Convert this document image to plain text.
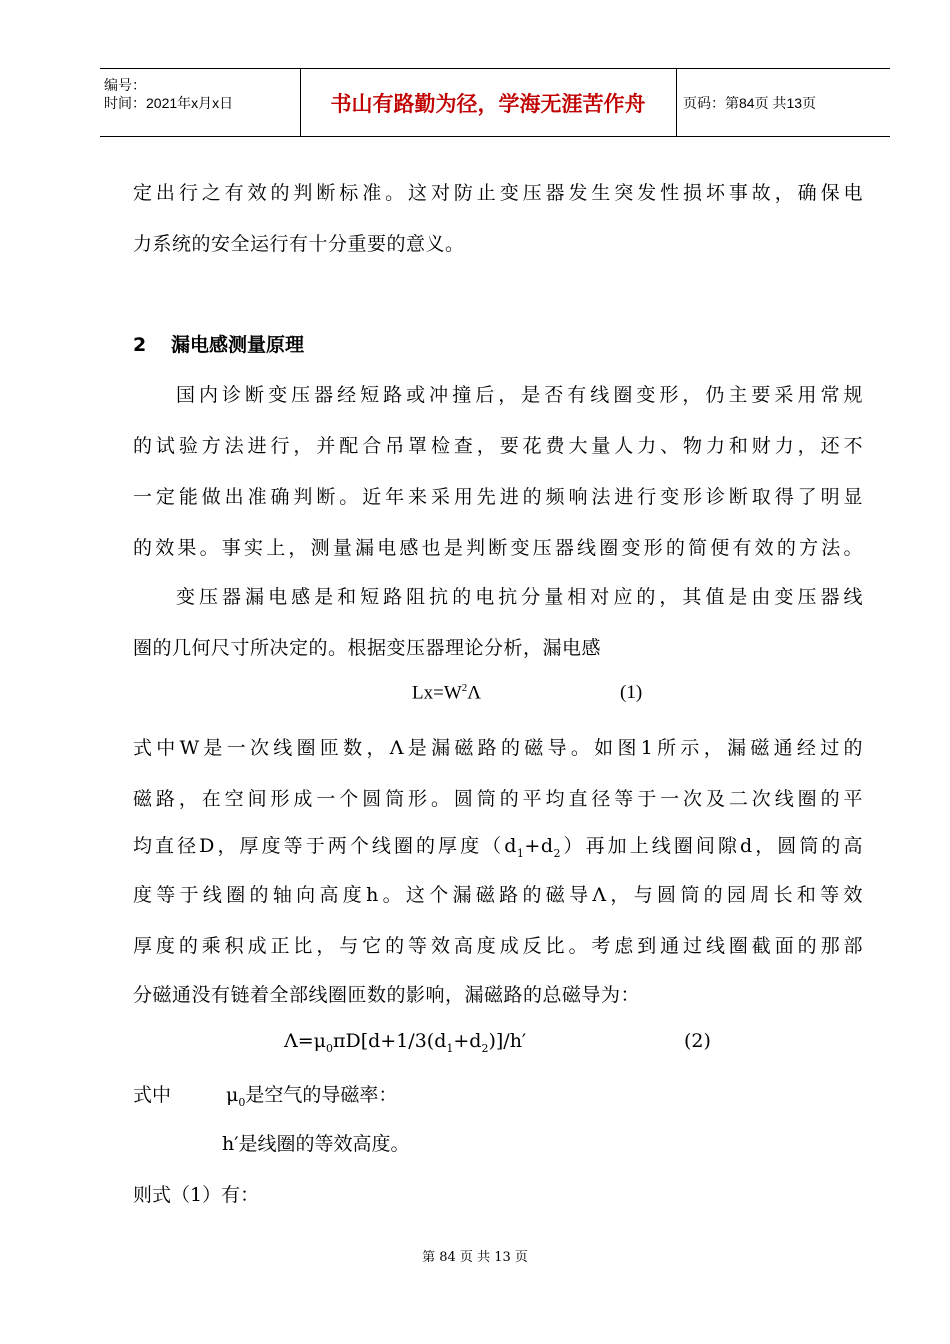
编号：
时间：2021年x月x日	书山有路勤为径，学海无涯苦作舟	页码：第84页 共13页
定出行之有效的判断标准。这对防止变压器发生突发性损坏事故，确保电
力系统的安全运行有十分重要的意义。
2 漏电感测量原理
国内诊断变压器经短路或冲撞后，是否有线圈变形，仍主要采用常规
的试验方法进行，并配合吊罩检查，要花费大量人力、物力和财力，还不
一定能做出准确判断。近年来采用先进的频响法进行变形诊断取得了明显
的效果。事实上，测量漏电感也是判断变压器线圈变形的简便有效的方法。
变压器漏电感是和短路阻抗的电抗分量相对应的，其值是由变压器线
圈的几何尺寸所决定的。根据变压器理论分析，漏电感
$Lx=W^2\Lambda$	(1)
式中W是一次线圈匝数，Λ是漏磁路的磁导。如图1所示，漏磁通经过的
磁路，在空间形成一个圆筒形。圆筒的平均直径等于一次及二次线圈的平
均直径D，厚度等于两个线圈的厚度$(d_1+d_2)$再加上线圈间隙d，圆筒的高
度等于线圈的轴向高度h。这个漏磁路的磁导Λ，与圆筒的园周长和等效
厚度的乘积成正比，与它的等效高度成反比。考虑到通过线圈截面的那部
分磁通没有链着全部线圈匝数的影响，漏磁路的总磁导为：
$\Lambda=\mu_0\pi D[d+1/3(d_1+d_2)]/h'$	(2)
式中	$\mu_0$是空气的导磁率：
h′是线圈的等效高度。
则式（1）有：
第 84 页 共 13 页
